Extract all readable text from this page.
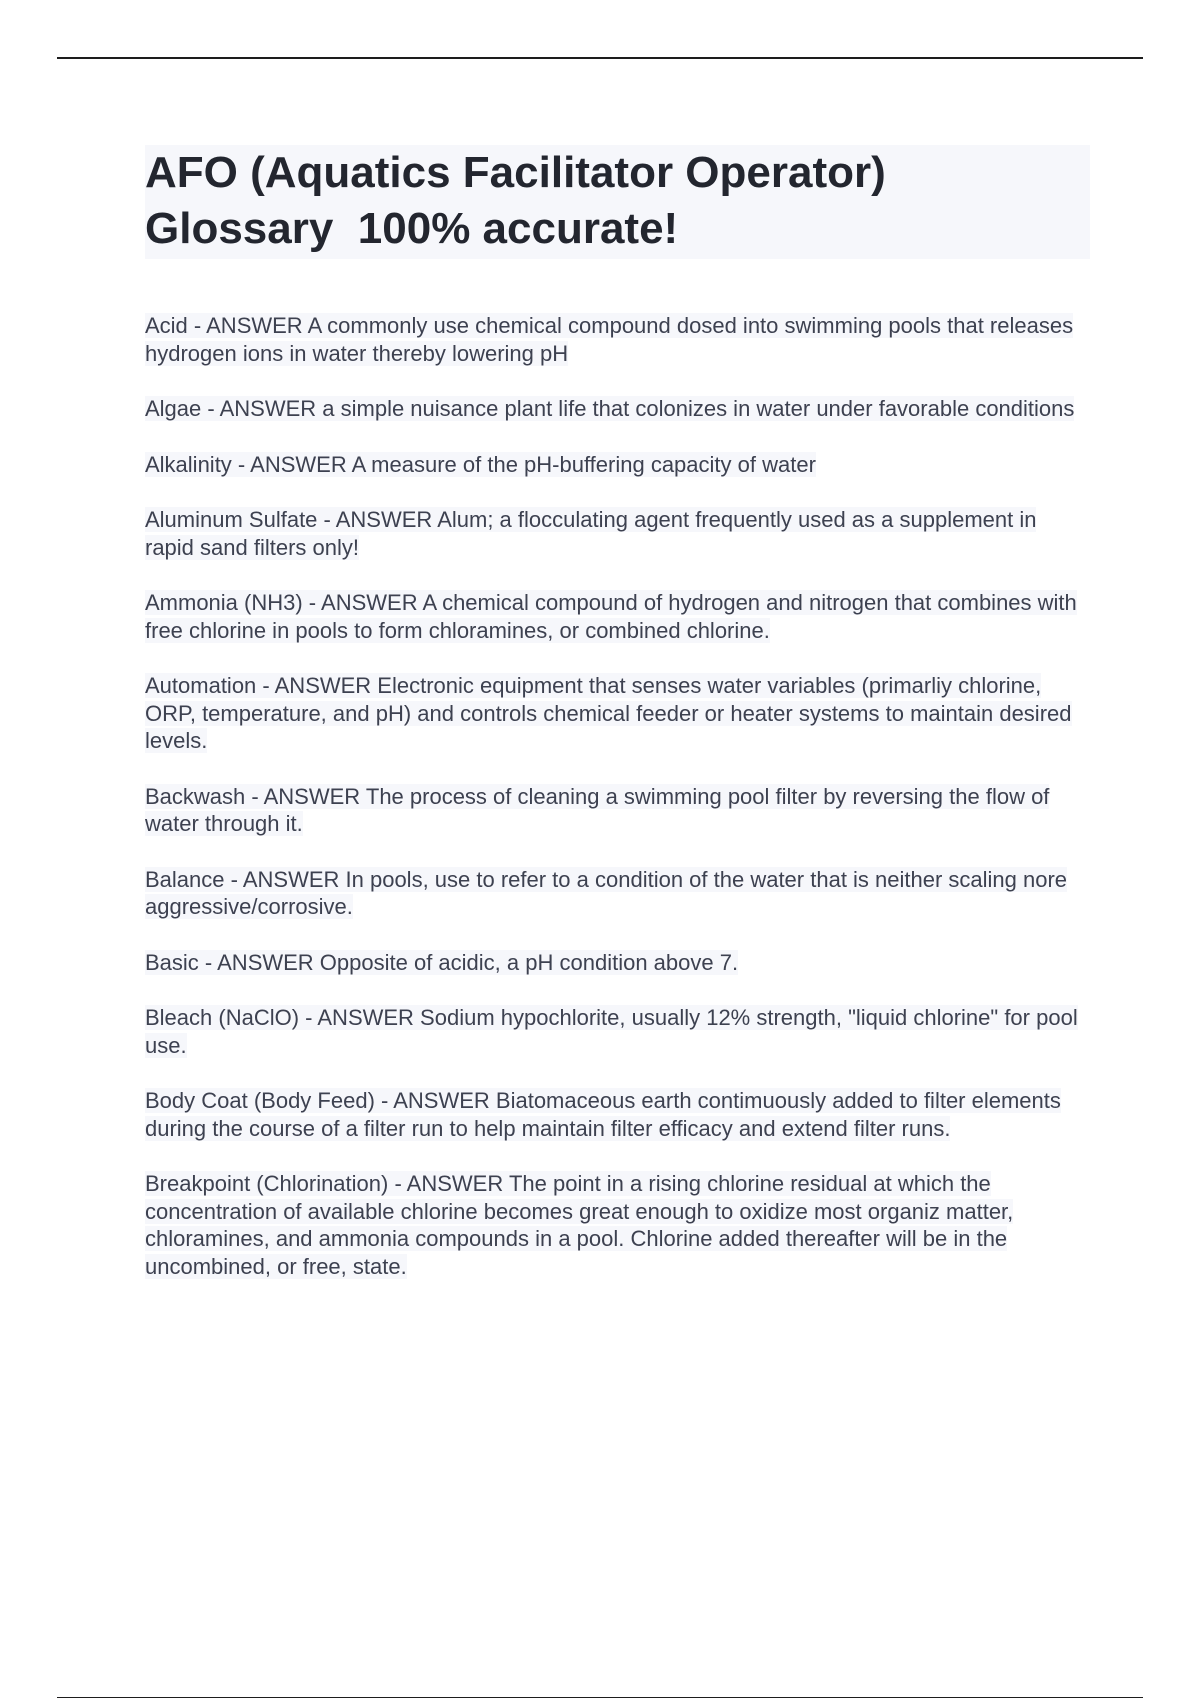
AFO (Aquatics Facilitator Operator)
Glossary  100% accurate!

Acid - ANSWER A commonly use chemical compound dosed into swimming pools that releases hydrogen ions in water thereby lowering pH

Algae - ANSWER a simple nuisance plant life that colonizes in water under favorable conditions

Alkalinity - ANSWER A measure of the pH-buffering capacity of water

Aluminum Sulfate - ANSWER Alum; a flocculating agent frequently used as a supplement in rapid sand filters only!

Ammonia (NH3) - ANSWER A chemical compound of hydrogen and nitrogen that combines with free chlorine in pools to form chloramines, or combined chlorine.

Automation - ANSWER Electronic equipment that senses water variables (primarliy chlorine, ORP, temperature, and pH) and controls chemical feeder or heater systems to maintain desired levels.

Backwash - ANSWER The process of cleaning a swimming pool filter by reversing the flow of water through it.

Balance - ANSWER In pools, use to refer to a condition of the water that is neither scaling nore aggressive/corrosive.

Basic - ANSWER Opposite of acidic, a pH condition above 7.

Bleach (NaClO) - ANSWER Sodium hypochlorite, usually 12% strength, "liquid chlorine" for pool use.

Body Coat (Body Feed) - ANSWER Biatomaceous earth contimuously added to filter elements during the course of a filter run to help maintain filter efficacy and extend filter runs.

Breakpoint (Chlorination) - ANSWER The point in a rising chlorine residual at which the concentration of available chlorine becomes great enough to oxidize most organiz matter, chloramines, and ammonia compounds in a pool. Chlorine added thereafter will be in the uncombined, or free, state.
